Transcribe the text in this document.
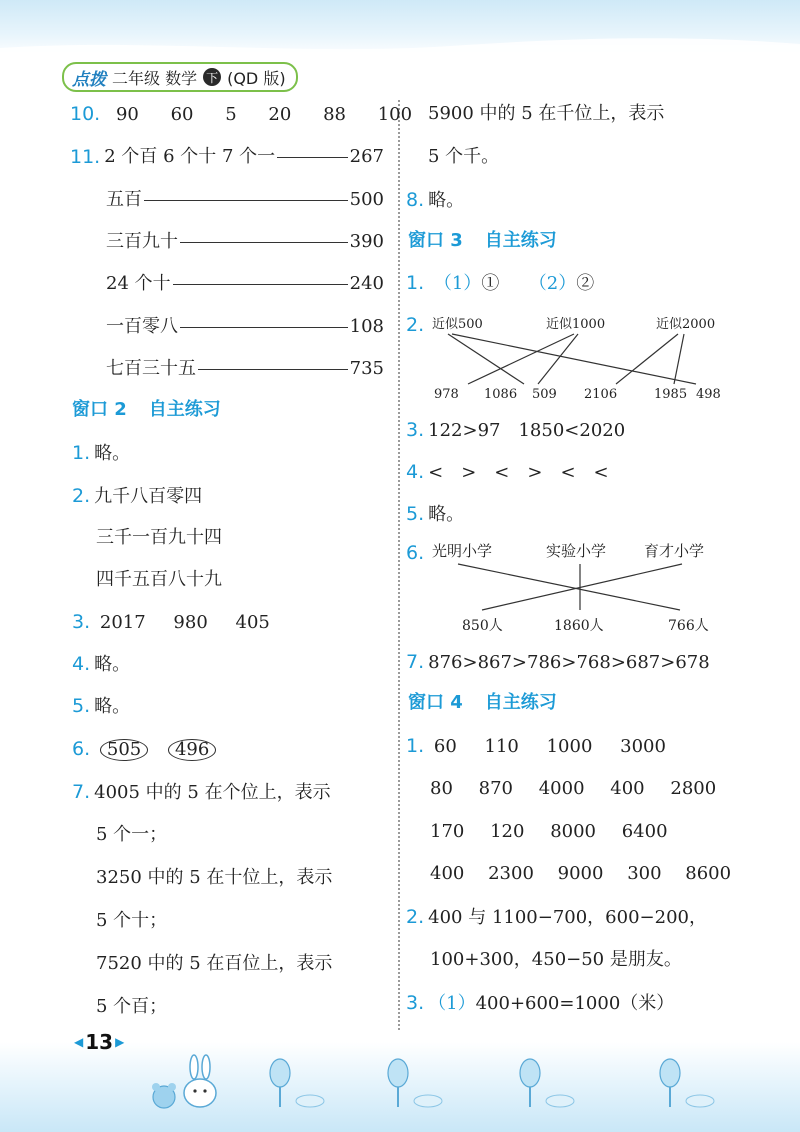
点拨 二年级 数学 下 (QD 版)
10. 90 60 5 20 88 100
11. 2 个百 6 个十 7 个一	267
五百	500
三百九十	390
24 个十	240
一百零八	108
七百三十五	735
窗口 2 自主练习
1. 略。
2. 九千八百零四
三千一百九十四
四千五百八十九
3. 2017 980 405
4. 略。
5. 略。
6. 505 496
7. 4005 中的 5 在个位上，表示
5 个一；
3250 中的 5 在十位上，表示
5 个十；
7520 中的 5 在百位上，表示
5 个百；
5900 中的 5 在千位上，表示
5 个千。
8. 略。
窗口 3 自主练习
1. （1）① （2）②
2. 近似500	近似1000	近似2000
978 1086 509 2106	1985 498
3. 122>97　1850<2020
4. <　>　<　>　<　<
5. 略。
6. 光明小学	实验小学	育才小学
850人	1860人	766人
7. 876>867>786>768>687>678
窗口 4 自主练习
1. 60 110 1000 3000
80 870 4000 400 2800
170 120 8000 6400
400 2300 9000 300 8600
2. 400 与 1100−700，600−200，
100+300，450−50 是朋友。
3. （1）400+600=1000（米）
◀ 13 ▶
